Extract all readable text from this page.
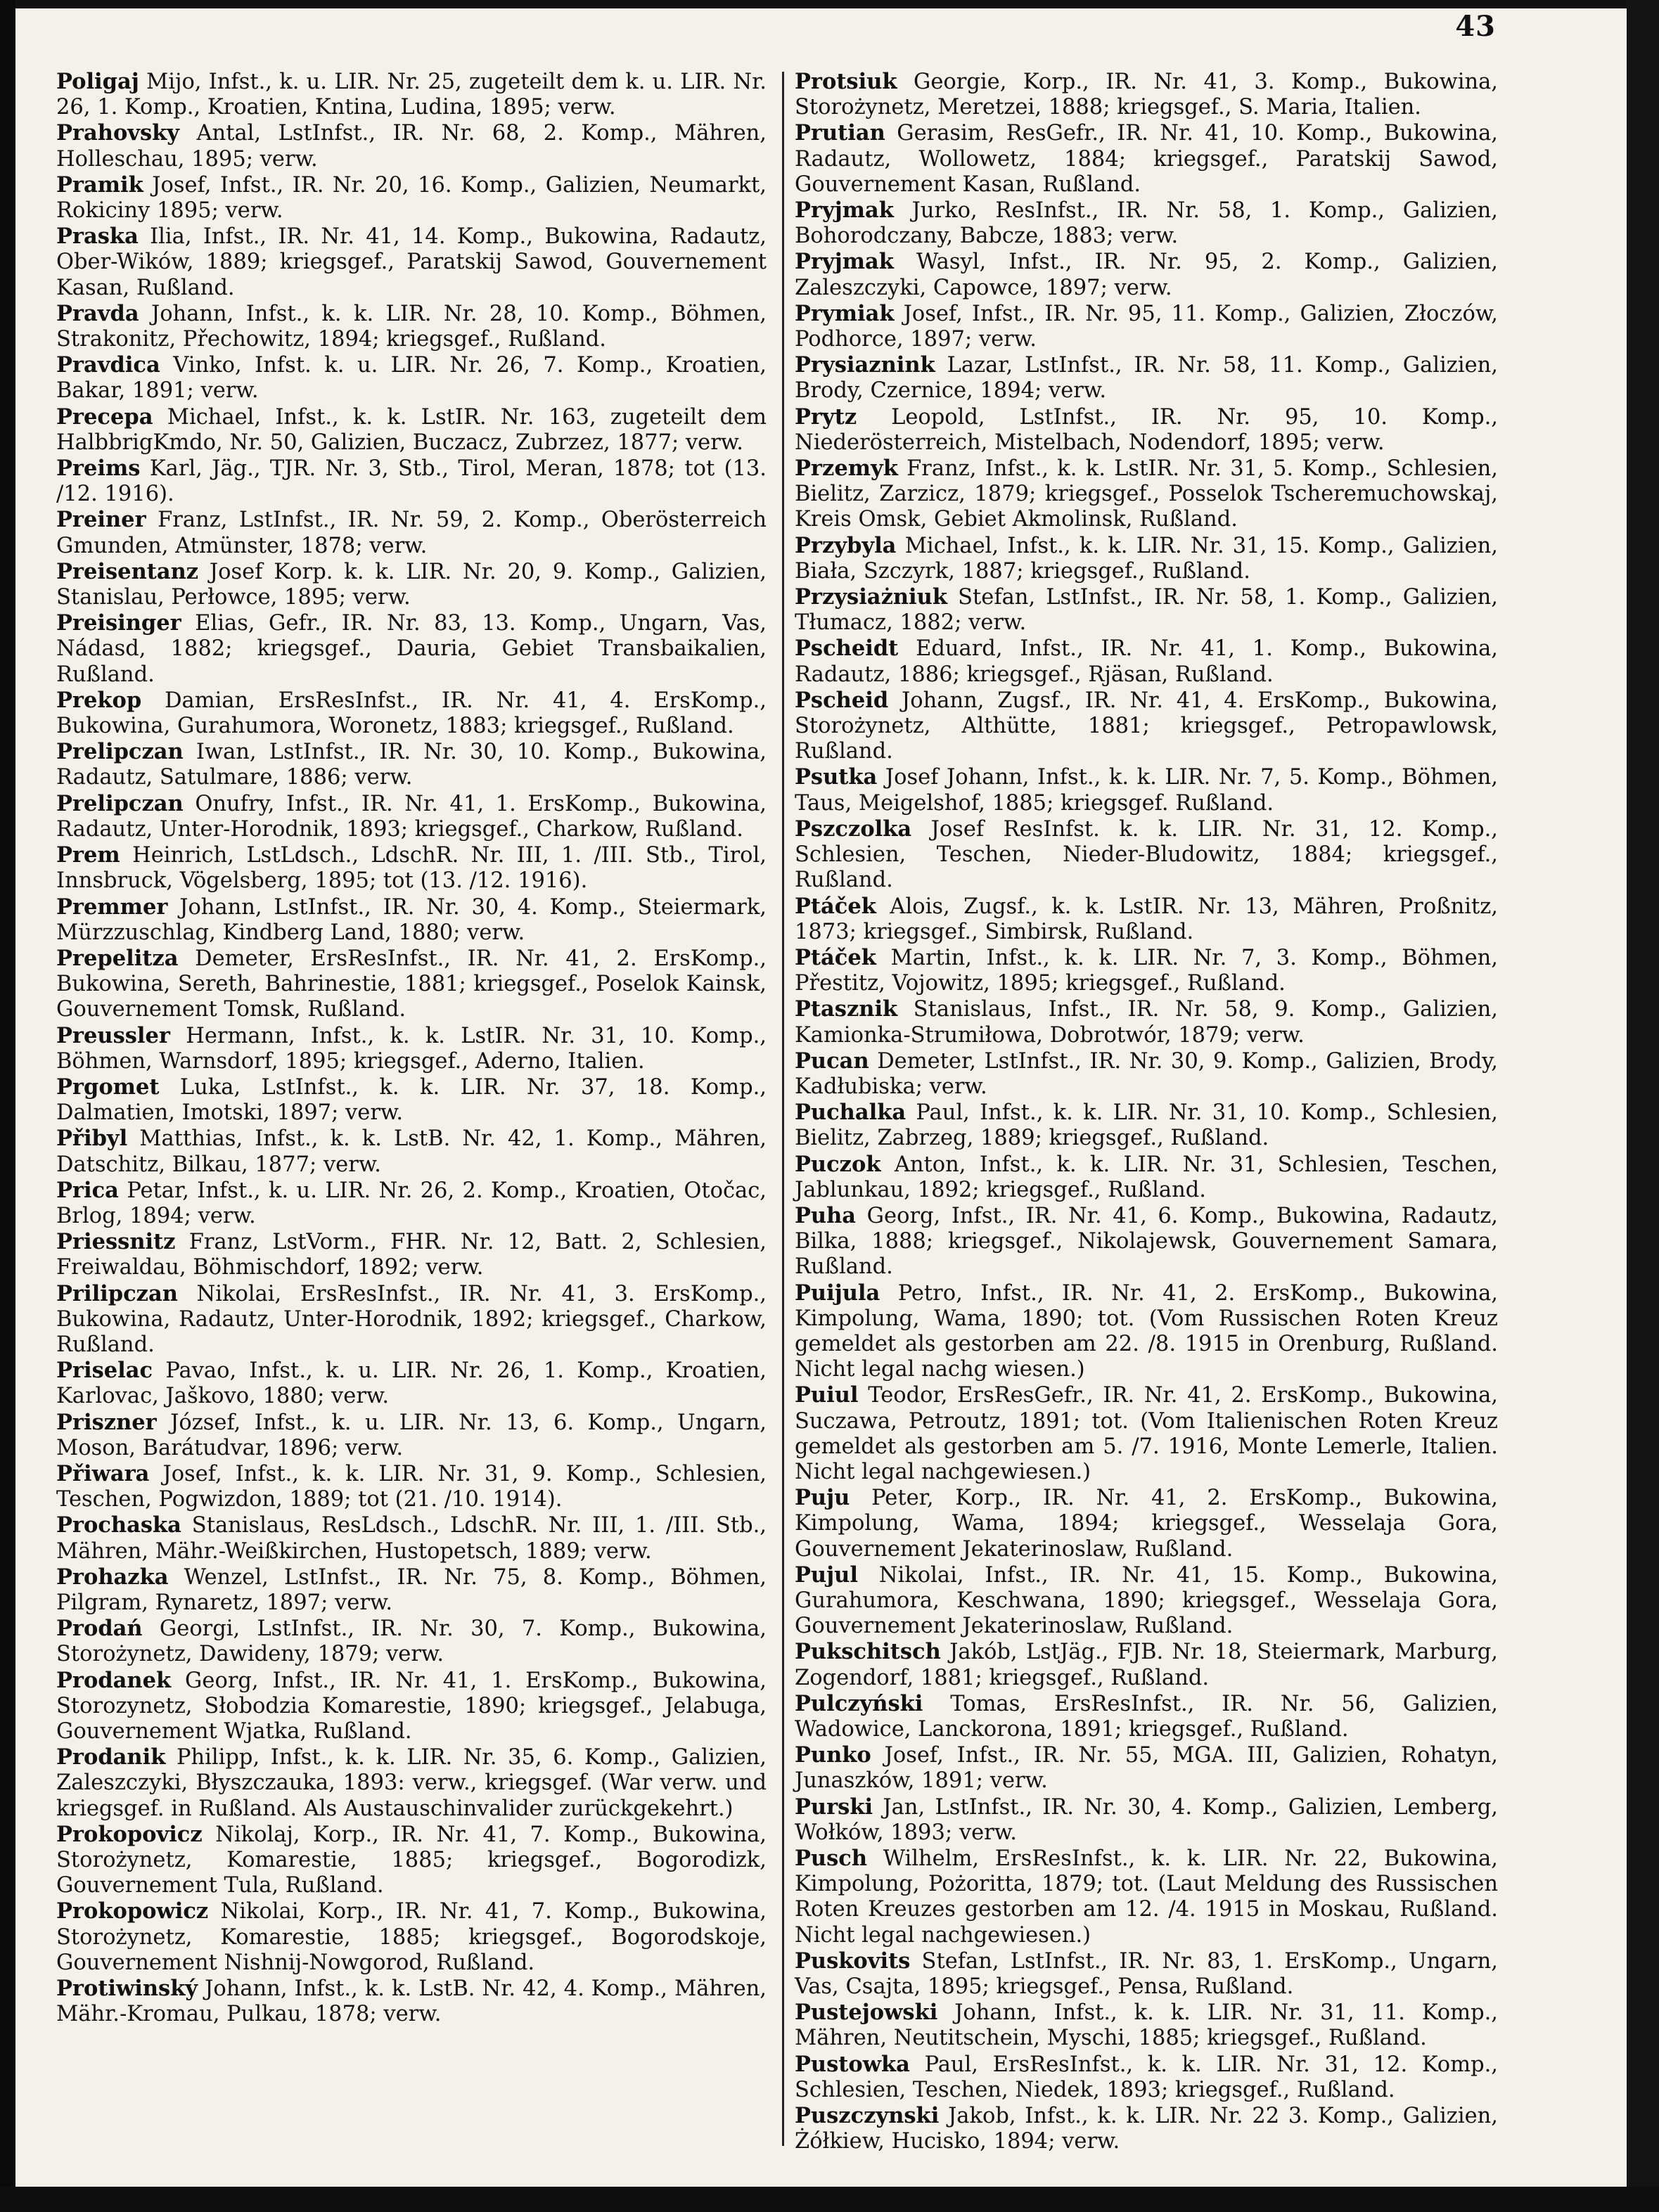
43

Poligaj Mijo, Infst., k. u. LIR. Nr. 25, zugeteilt dem k. u. LIR. Nr. 26, 1. Komp., Kroatien, Kntina, Ludina, 1895; verw.

Prahovsky Antal, LstInfst., IR. Nr. 68, 2. Komp., Mähren, Holleschau, 1895; verw.

Pramik Josef, Infst., IR. Nr. 20, 16. Komp., Galizien, Neumarkt, Rokiciny 1895; verw.

Praska Ilia, Infst., IR. Nr. 41, 14. Komp., Bukowina, Radautz, Ober-Wików, 1889; kriegsgef., Paratskij Sawod, Gouvernement Kasan, Rußland.

Pravda Johann, Infst., k. k. LIR. Nr. 28, 10. Komp., Böhmen, Strakonitz, Přechowitz, 1894; kriegsgef., Rußland.

Pravdica Vinko, Infst. k. u. LIR. Nr. 26, 7. Komp., Kroatien, Bakar, 1891; verw.

Precepa Michael, Infst., k. k. LstIR. Nr. 163, zugeteilt dem HalbbrigKmdo, Nr. 50, Galizien, Buczacz, Zubrzez, 1877; verw.

Preims Karl, Jäg., TJR. Nr. 3, Stb., Tirol, Meran, 1878; tot (13. /12. 1916).

Preiner Franz, LstInfst., IR. Nr. 59, 2. Komp., Oberösterreich Gmunden, Atmünster, 1878; verw.

Preisentanz Josef Korp. k. k. LIR. Nr. 20, 9. Komp., Galizien, Stanislau, Perłowce, 1895; verw.

Preisinger Elias, Gefr., IR. Nr. 83, 13. Komp., Ungarn, Vas, Nádasd, 1882; kriegsgef., Dauria, Gebiet Transbaikalien, Rußland.

Prekop Damian, ErsResInfst., IR. Nr. 41, 4. ErsKomp., Bukowina, Gurahumora, Woronetz, 1883; kriegsgef., Rußland.

Prelipczan Iwan, LstInfst., IR. Nr. 30, 10. Komp., Bukowina, Radautz, Satulmare, 1886; verw.

Prelipczan Onufry, Infst., IR. Nr. 41, 1. ErsKomp., Bukowina, Radautz, Unter-Horodnik, 1893; kriegsgef., Charkow, Rußland.

Prem Heinrich, LstLdsch., LdschR. Nr. III, 1. /III. Stb., Tirol, Innsbruck, Vögelsberg, 1895; tot (13. /12. 1916).

Premmer Johann, LstInfst., IR. Nr. 30, 4. Komp., Steiermark, Mürzzuschlag, Kindberg Land, 1880; verw.

Prepelitza Demeter, ErsResInfst., IR. Nr. 41, 2. ErsKomp., Bukowina, Sereth, Bahrinestie, 1881; kriegsgef., Poselok Kainsk, Gouvernement Tomsk, Rußland.

Preussler Hermann, Infst., k. k. LstIR. Nr. 31, 10. Komp., Böhmen, Warnsdorf, 1895; kriegsgef., Aderno, Italien.

Prgomet Luka, LstInfst., k. k. LIR. Nr. 37, 18. Komp., Dalmatien, Imotski, 1897; verw.

Přibyl Matthias, Infst., k. k. LstB. Nr. 42, 1. Komp., Mähren, Datschitz, Bilkau, 1877; verw.

Prica Petar, Infst., k. u. LIR. Nr. 26, 2. Komp., Kroatien, Otočac, Brlog, 1894; verw.

Priessnitz Franz, LstVorm., FHR. Nr. 12, Batt. 2, Schlesien, Freiwaldau, Böhmischdorf, 1892; verw.

Prilipczan Nikolai, ErsResInfst., IR. Nr. 41, 3. ErsKomp., Bukowina, Radautz, Unter-Horodnik, 1892; kriegsgef., Charkow, Rußland.

Priselac Pavao, Infst., k. u. LIR. Nr. 26, 1. Komp., Kroatien, Karlovac, Jaškovo, 1880; verw.

Priszner József, Infst., k. u. LIR. Nr. 13, 6. Komp., Ungarn, Moson, Barátudvar, 1896; verw.

Přiwara Josef, Infst., k. k. LIR. Nr. 31, 9. Komp., Schlesien, Teschen, Pogwizdon, 1889; tot (21. /10. 1914).

Prochaska Stanislaus, ResLdsch., LdschR. Nr. III, 1. /III. Stb., Mähren, Mähr.-Weißkirchen, Hustopetsch, 1889; verw.

Prohazka Wenzel, LstInfst., IR. Nr. 75, 8. Komp., Böhmen, Pilgram, Rynaretz, 1897; verw.

Prodań Georgi, LstInfst., IR. Nr. 30, 7. Komp., Bukowina, Storożynetz, Dawideny, 1879; verw.

Prodanek Georg, Infst., IR. Nr. 41, 1. ErsKomp., Bukowina, Storozynetz, Słobodzia Komarestie, 1890; kriegsgef., Jelabuga, Gouvernement Wjatka, Rußland.

Prodanik Philipp, Infst., k. k. LIR. Nr. 35, 6. Komp., Galizien, Zaleszczyki, Błyszczauka, 1893: verw., kriegsgef. (War verw. und kriegsgef. in Rußland. Als Austauschinvalider zurückgekehrt.)

Prokopovicz Nikolaj, Korp., IR. Nr. 41, 7. Komp., Bukowina, Storożynetz, Komarestie, 1885; kriegsgef., Bogorodizk, Gouvernement Tula, Rußland.

Prokopowicz Nikolai, Korp., IR. Nr. 41, 7. Komp., Bukowina, Storożynetz, Komarestie, 1885; kriegsgef., Bogorodskoje, Gouvernement Nishnij-Nowgorod, Rußland.

Protiwinský Johann, Infst., k. k. LstB. Nr. 42, 4. Komp., Mähren, Mähr.-Kromau, Pulkau, 1878; verw.

Protsiuk Georgie, Korp., IR. Nr. 41, 3. Komp., Bukowina, Storożynetz, Meretzei, 1888; kriegsgef., S. Maria, Italien.

Prutian Gerasim, ResGefr., IR. Nr. 41, 10. Komp., Bukowina, Radautz, Wollowetz, 1884; kriegsgef., Paratskij Sawod, Gouvernement Kasan, Rußland.

Pryjmak Jurko, ResInfst., IR. Nr. 58, 1. Komp., Galizien, Bohorodczany, Babcze, 1883; verw.

Pryjmak Wasyl, Infst., IR. Nr. 95, 2. Komp., Galizien, Zaleszczyki, Capowce, 1897; verw.

Prymiak Josef, Infst., IR. Nr. 95, 11. Komp., Galizien, Złoczów, Podhorce, 1897; verw.

Prysiaznink Lazar, LstInfst., IR. Nr. 58, 11. Komp., Galizien, Brody, Czernice, 1894; verw.

Prytz Leopold, LstInfst., IR. Nr. 95, 10. Komp., Niederösterreich, Mistelbach, Nodendorf, 1895; verw.

Przemyk Franz, Infst., k. k. LstIR. Nr. 31, 5. Komp., Schlesien, Bielitz, Zarzicz, 1879; kriegsgef., Posselok Tscheremuchowskaj, Kreis Omsk, Gebiet Akmolinsk, Rußland.

Przybyla Michael, Infst., k. k. LIR. Nr. 31, 15. Komp., Galizien, Biała, Szczyrk, 1887; kriegsgef., Rußland.

Przysiażniuk Stefan, LstInfst., IR. Nr. 58, 1. Komp., Galizien, Tłumacz, 1882; verw.

Pscheidt Eduard, Infst., IR. Nr. 41, 1. Komp., Bukowina, Radautz, 1886; kriegsgef., Rjäsan, Rußland.

Pscheid Johann, Zugsf., IR. Nr. 41, 4. ErsKomp., Bukowina, Storożynetz, Althütte, 1881; kriegsgef., Petropawlowsk, Rußland.

Psutka Josef Johann, Infst., k. k. LIR. Nr. 7, 5. Komp., Böhmen, Taus, Meigelshof, 1885; kriegsgef. Rußland.

Pszczolka Josef ResInfst. k. k. LIR. Nr. 31, 12. Komp., Schlesien, Teschen, Nieder-Bludowitz, 1884; kriegsgef., Rußland.

Ptáček Alois, Zugsf., k. k. LstIR. Nr. 13, Mähren, Proßnitz, 1873; kriegsgef., Simbirsk, Rußland.

Ptáček Martin, Infst., k. k. LIR. Nr. 7, 3. Komp., Böhmen, Přestitz, Vojowitz, 1895; kriegsgef., Rußland.

Ptasznik Stanislaus, Infst., IR. Nr. 58, 9. Komp., Galizien, Kamionka-Strumiłowa, Dobrotwór, 1879; verw.

Pucan Demeter, LstInfst., IR. Nr. 30, 9. Komp., Galizien, Brody, Kadłubiska; verw.

Puchalka Paul, Infst., k. k. LIR. Nr. 31, 10. Komp., Schlesien, Bielitz, Zabrzeg, 1889; kriegsgef., Rußland.

Puczok Anton, Infst., k. k. LIR. Nr. 31, Schlesien, Teschen, Jablunkau, 1892; kriegsgef., Rußland.

Puha Georg, Infst., IR. Nr. 41, 6. Komp., Bukowina, Radautz, Bilka, 1888; kriegsgef., Nikolajewsk, Gouvernement Samara, Rußland.

Puijula Petro, Infst., IR. Nr. 41, 2. ErsKomp., Bukowina, Kimpolung, Wama, 1890; tot. (Vom Russischen Roten Kreuz gemeldet als gestorben am 22. /8. 1915 in Orenburg, Rußland. Nicht legal nachg wiesen.)

Puiul Teodor, ErsResGefr., IR. Nr. 41, 2. ErsKomp., Bukowina, Suczawa, Petroutz, 1891; tot. (Vom Italienischen Roten Kreuz gemeldet als gestorben am 5. /7. 1916, Monte Lemerle, Italien. Nicht legal nachgewiesen.)

Puju Peter, Korp., IR. Nr. 41, 2. ErsKomp., Bukowina, Kimpolung, Wama, 1894; kriegsgef., Wesselaja Gora, Gouvernement Jekaterinoslaw, Rußland.

Pujul Nikolai, Infst., IR. Nr. 41, 15. Komp., Bukowina, Gurahumora, Keschwana, 1890; kriegsgef., Wesselaja Gora, Gouvernement Jekaterinoslaw, Rußland.

Pukschitsch Jakób, LstJäg., FJB. Nr. 18, Steiermark, Marburg, Zogendorf, 1881; kriegsgef., Rußland.

Pulczyński Tomas, ErsResInfst., IR. Nr. 56, Galizien, Wadowice, Lanckorona, 1891; kriegsgef., Rußland.

Punko Josef, Infst., IR. Nr. 55, MGA. III, Galizien, Rohatyn, Junaszków, 1891; verw.

Purski Jan, LstInfst., IR. Nr. 30, 4. Komp., Galizien, Lemberg, Wołków, 1893; verw.

Pusch Wilhelm, ErsResInfst., k. k. LIR. Nr. 22, Bukowina, Kimpolung, Pożoritta, 1879; tot. (Laut Meldung des Russischen Roten Kreuzes gestorben am 12. /4. 1915 in Moskau, Rußland. Nicht legal nachgewiesen.)

Puskovits Stefan, LstInfst., IR. Nr. 83, 1. ErsKomp., Ungarn, Vas, Csajta, 1895; kriegsgef., Pensa, Rußland.

Pustejowski Johann, Infst., k. k. LIR. Nr. 31, 11. Komp., Mähren, Neutitschein, Myschi, 1885; kriegsgef., Rußland.

Pustowka Paul, ErsResInfst., k. k. LIR. Nr. 31, 12. Komp., Schlesien, Teschen, Niedek, 1893; kriegsgef., Rußland.

Puszczynski Jakob, Infst., k. k. LIR. Nr. 22 3. Komp., Galizien, Żółkiew, Hucisko, 1894; verw.
